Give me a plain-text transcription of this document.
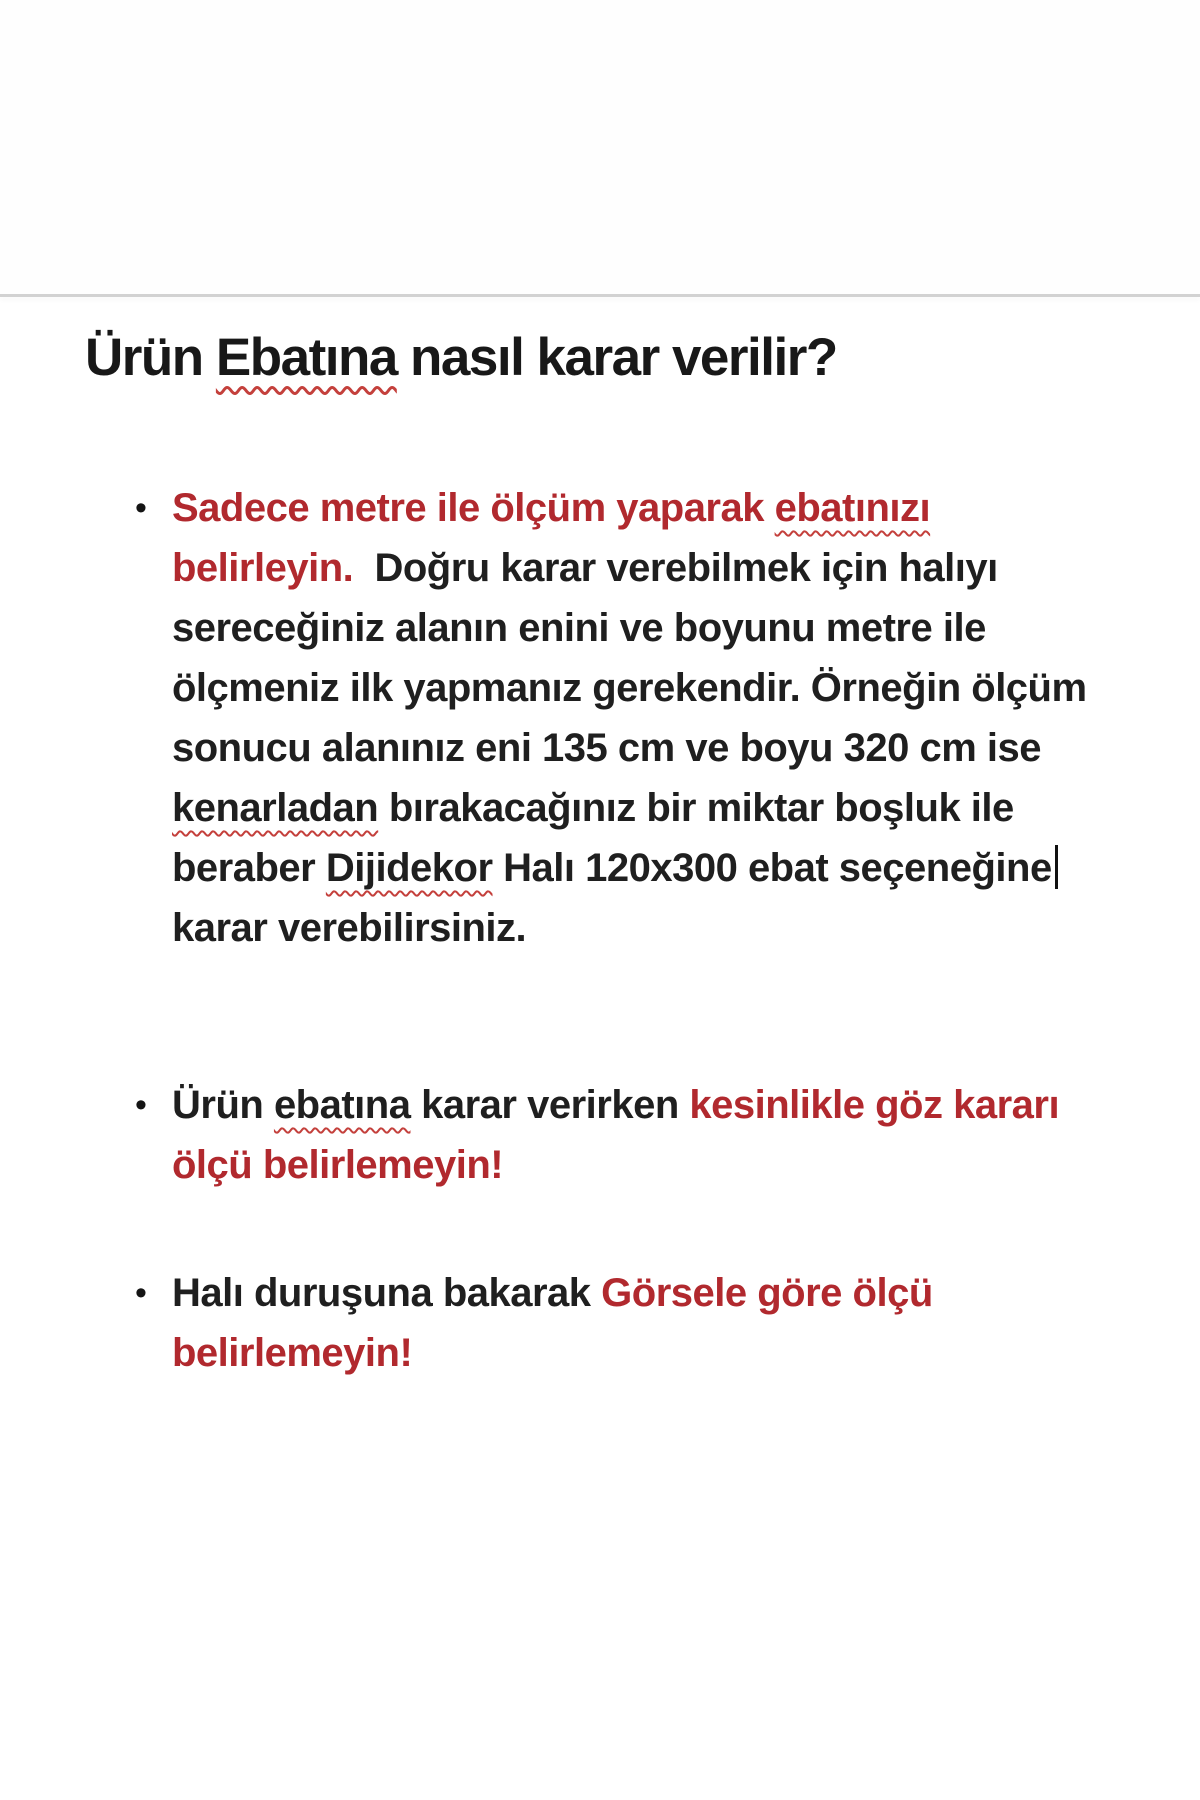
Ürün Ebatına nasıl karar verilir?
• Sadece metre ile ölçüm yaparak ebatınızı
belirleyin.  Doğru karar verebilmek için halıyı
sereceğiniz alanın enini ve boyunu metre ile
ölçmeniz ilk yapmanız gerekendir. Örneğin ölçüm
sonucu alanınız eni 135 cm ve boyu 320 cm ise
kenarladan bırakacağınız bir miktar boşluk ile
beraber Dijidekor Halı 120x300 ebat seçeneğine
karar verebilirsiniz.
• Ürün ebatına karar verirken kesinlikle göz kararı
ölçü belirlemeyin!
• Halı duruşuna bakarak Görsele göre ölçü
belirlemeyin!
